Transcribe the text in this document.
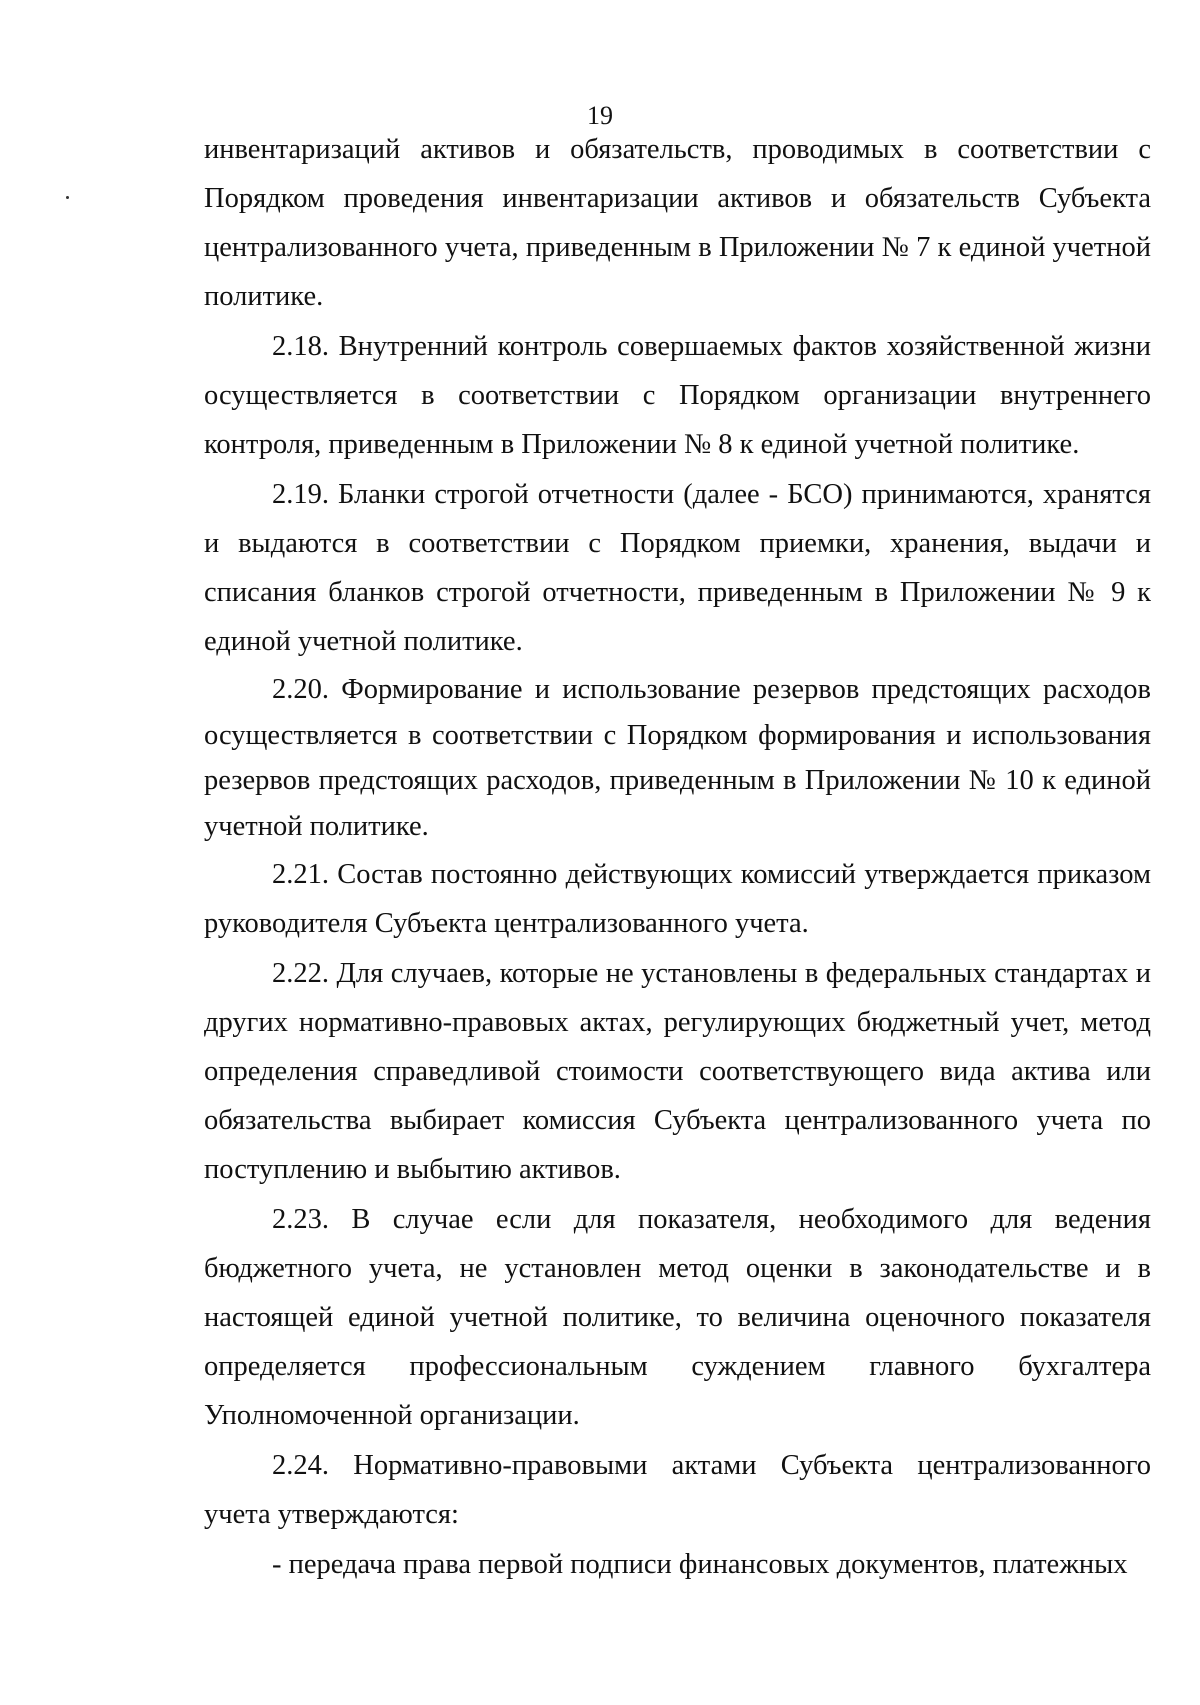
19

инвентаризаций активов и обязательств, проводимых в соответствии с Порядком проведения инвентаризации активов и обязательств Субъекта централизованного учета, приведенным в Приложении № 7 к единой учетной политике.

2.18. Внутренний контроль совершаемых фактов хозяйственной жизни осуществляется в соответствии с Порядком организации внутреннего контроля, приведенным в Приложении № 8 к единой учетной политике.

2.19. Бланки строгой отчетности (далее - БСО) принимаются, хранятся и выдаются в соответствии с Порядком приемки, хранения, выдачи и списания бланков строгой отчетности, приведенным в Приложении № 9 к единой учетной политике.

2.20. Формирование и использование резервов предстоящих расходов осуществляется в соответствии с Порядком формирования и использования резервов предстоящих расходов, приведенным в Приложении № 10 к единой учетной политике.

2.21. Состав постоянно действующих комиссий утверждается приказом руководителя Субъекта централизованного учета.

2.22. Для случаев, которые не установлены в федеральных стандартах и других нормативно-правовых актах, регулирующих бюджетный учет, метод определения справедливой стоимости соответствующего вида актива или обязательства выбирает комиссия Субъекта централизованного учета по поступлению и выбытию активов.

2.23. В случае если для показателя, необходимого для ведения бюджетного учета, не установлен метод оценки в законодательстве и в настоящей единой учетной политике, то величина оценочного показателя определяется профессиональным суждением главного бухгалтера Уполномоченной организации.

2.24. Нормативно-правовыми актами Субъекта централизованного учета утверждаются:

- передача права первой подписи финансовых документов, платежных
